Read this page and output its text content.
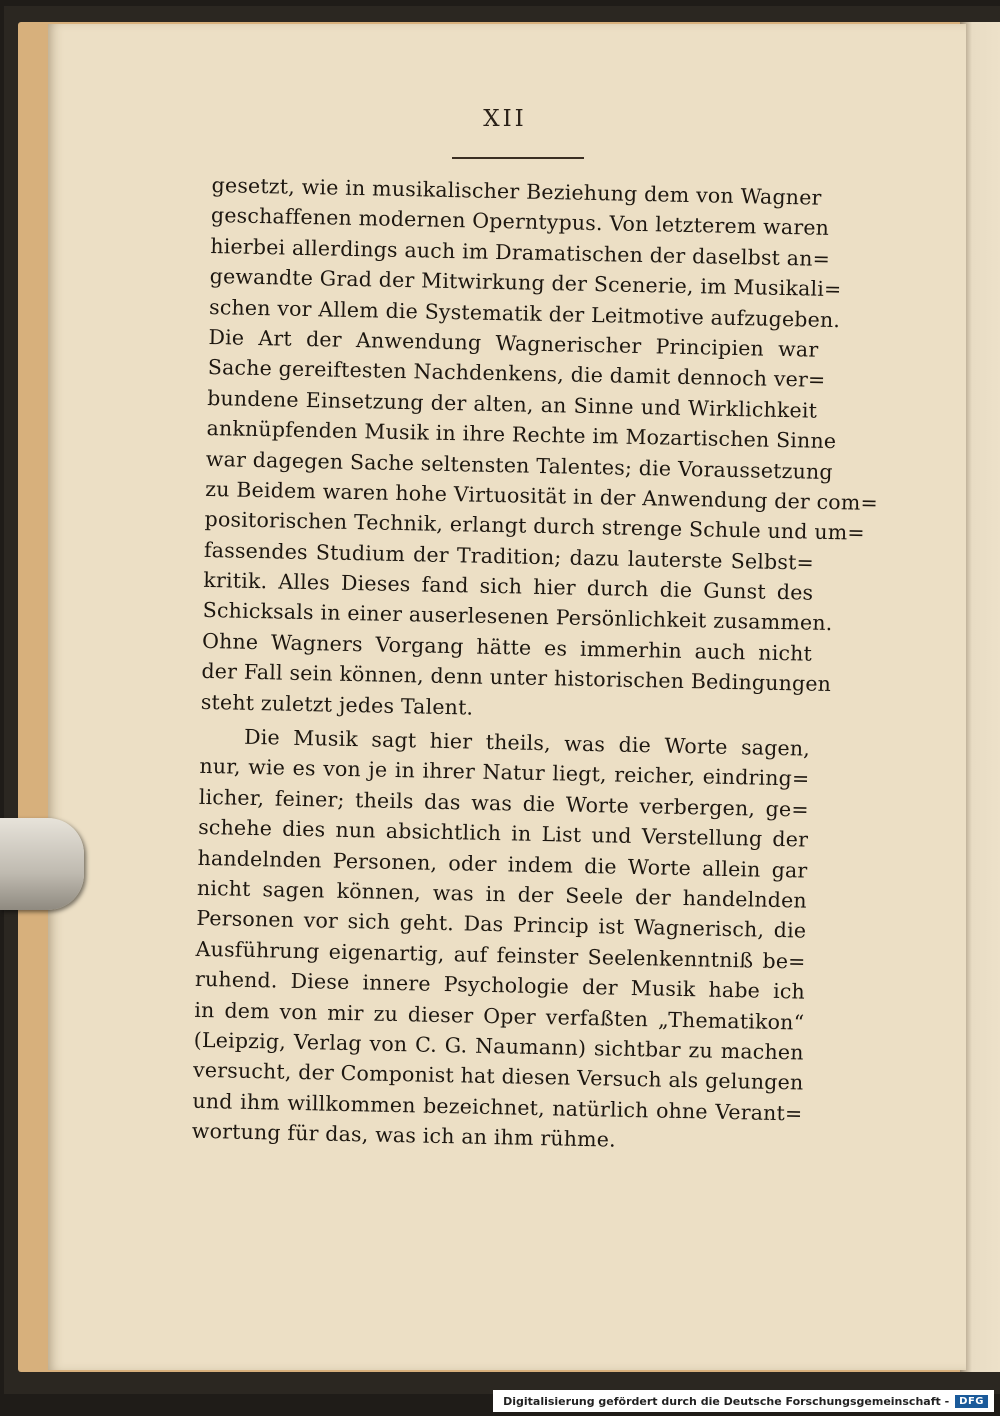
XII
gesetzt, wie in musikalischer Beziehung dem von Wagner
geschaffenen modernen Operntypus. Von letzterem waren
hierbei allerdings auch im Dramatischen der daselbst an=
gewandte Grad der Mitwirkung der Scenerie, im Musikali=
schen vor Allem die Systematik der Leitmotive aufzugeben.
Die Art der Anwendung Wagnerischer Principien war
Sache gereiftesten Nachdenkens, die damit dennoch ver=
bundene Einsetzung der alten, an Sinne und Wirklichkeit
anknüpfenden Musik in ihre Rechte im Mozartischen Sinne
war dagegen Sache seltensten Talentes; die Voraussetzung
zu Beidem waren hohe Virtuosität in der Anwendung der com=
positorischen Technik, erlangt durch strenge Schule und um=
fassendes Studium der Tradition; dazu lauterste Selbst=
kritik. Alles Dieses fand sich hier durch die Gunst des
Schicksals in einer auserlesenen Persönlichkeit zusammen.
Ohne Wagners Vorgang hätte es immerhin auch nicht
der Fall sein können, denn unter historischen Bedingungen
steht zuletzt jedes Talent.
Die Musik sagt hier theils, was die Worte sagen,
nur, wie es von je in ihrer Natur liegt, reicher, eindring=
licher, feiner; theils das was die Worte verbergen, ge=
schehe dies nun absichtlich in List und Verstellung der
handelnden Personen, oder indem die Worte allein gar
nicht sagen können, was in der Seele der handelnden
Personen vor sich geht. Das Princip ist Wagnerisch, die
Ausführung eigenartig, auf feinster Seelenkenntniß be=
ruhend. Diese innere Psychologie der Musik habe ich
in dem von mir zu dieser Oper verfaßten „Thematikon“
(Leipzig, Verlag von C. G. Naumann) sichtbar zu machen
versucht, der Componist hat diesen Versuch als gelungen
und ihm willkommen bezeichnet, natürlich ohne Verant=
wortung für das, was ich an ihm rühme.
Digitalisierung gefördert durch die Deutsche Forschungsgemeinschaft -	DFG
